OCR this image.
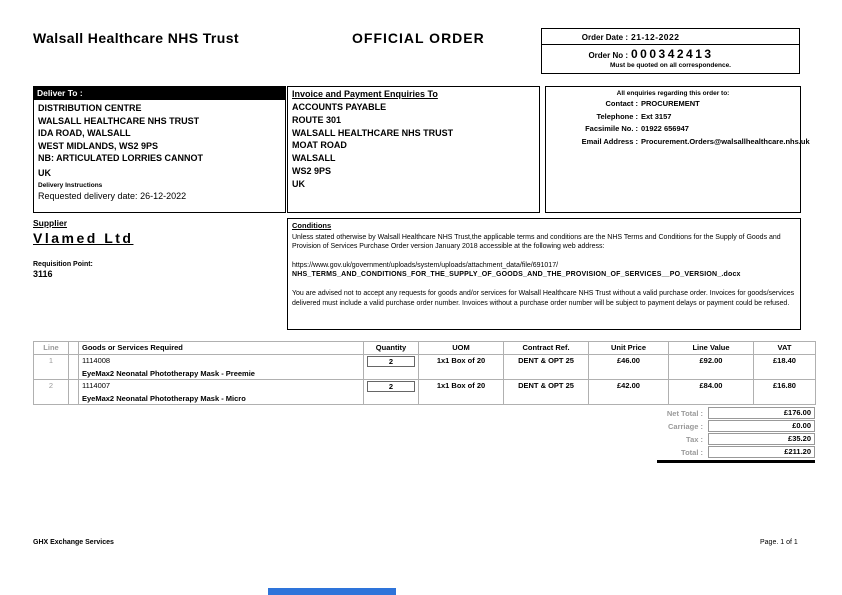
Walsall Healthcare NHS Trust	OFFICIAL ORDER	Order Date : 21-12-2022
Order No : 000342413
Must be quoted on all correspondence.
Deliver To :
DISTRIBUTION CENTRE
WALSALL HEALTHCARE NHS TRUST
IDA ROAD, WALSALL
WEST MIDLANDS, WS2 9PS
NB: ARTICULATED LORRIES CANNOT
UK
Delivery Instructions
Requested delivery date: 26-12-2022
Invoice and Payment Enquiries To
ACCOUNTS PAYABLE
ROUTE 301
WALSALL HEALTHCARE NHS TRUST
MOAT ROAD
WALSALL
WS2 9PS
UK
All enquiries regarding this order to:
Contact : PROCUREMENT
Telephone : Ext 3157
Facsimile No. : 01922 656947
Email Address : Procurement.Orders@walsallhealthcare.nhs.uk
Supplier
Vlamed Ltd
Requisition Point:
3116
Conditions
Unless stated otherwise by Walsall Healthcare NHS Trust,the applicable terms and conditions are the NHS Terms and Conditions for the Supply of Goods and Provision of Services Purchase Order version January 2018 accessible at the following web address:
https://www.gov.uk/government/uploads/system/uploads/attachment_data/file/691017/
NHS_TERMS_AND_CONDITIONS_FOR_THE_SUPPLY_OF_GOODS_AND_THE_PROVISION_OF_SERVICES__PO_VERSION_.docx
You are advised not to accept any requests for goods and/or services for Walsall Healthcare NHS Trust without a valid purchase order. Invoices for goods/services delivered must include a valid purchase order number. Invoices without a purchase order number will be subject to payment delays or payment could be refused.
Line		Goods or Services Required	Quantity	UOM	Contract Ref.	Unit Price	Line Value	VAT
1		1114008
EyeMax2 Neonatal Phototherapy Mask - Preemie	2	1x1 Box of 20	DENT & OPT 25	£46.00	£92.00	£18.40
2		1114007
EyeMax2 Neonatal Phototherapy Mask - Micro	2	1x1 Box of 20	DENT & OPT 25	£42.00	£84.00	£16.80
Net Total :	£176.00
Carriage :	£0.00
Tax :	£35.20
Total :	£211.20
GHX Exchange Services	Page. 1 of 1
